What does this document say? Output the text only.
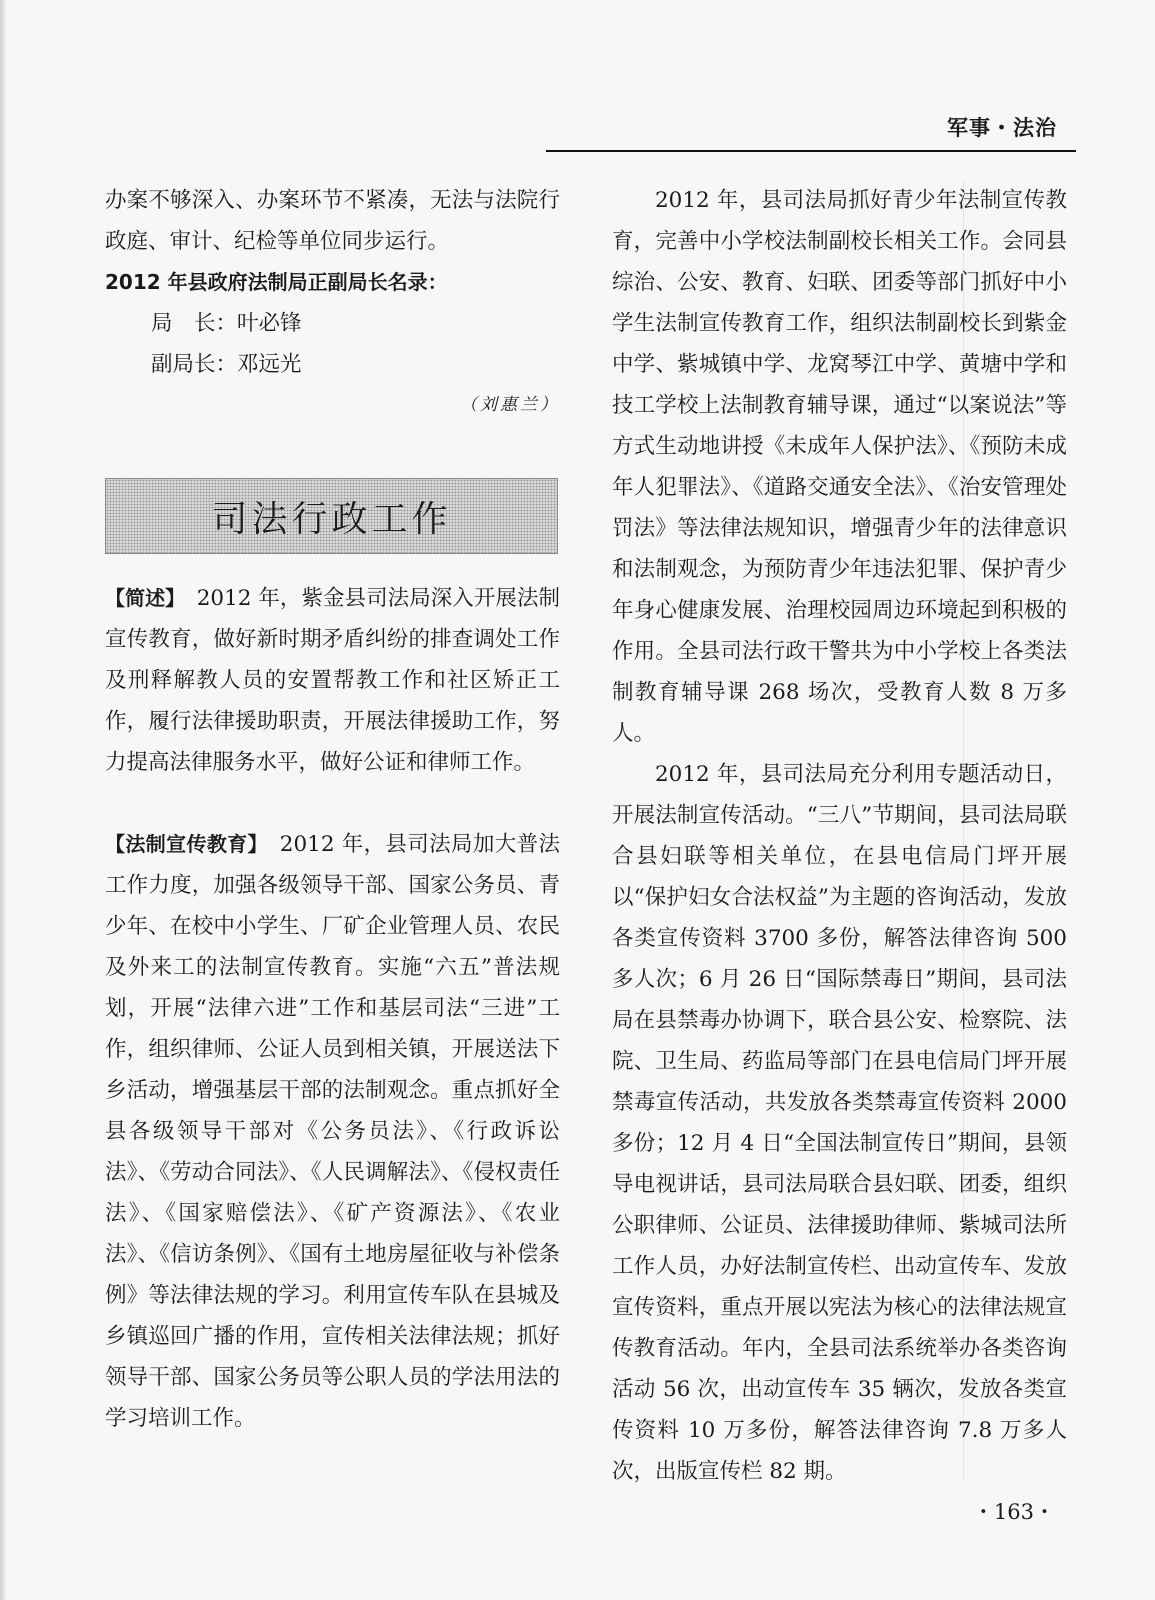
军事・法治

办案不够深入、办案环节不紧凑，无法与法院行政庭、审计、纪检等单位同步运行。

2012 年县政府法制局正副局长名录：

局　长：叶必锋

副局长：邓远光

（刘惠兰）

司法行政工作

【简述】　2012 年，紫金县司法局深入开展法制宣传教育，做好新时期矛盾纠纷的排查调处工作及刑释解教人员的安置帮教工作和社区矫正工作，履行法律援助职责，开展法律援助工作，努力提高法律服务水平，做好公证和律师工作。

【法制宣传教育】　2012 年，县司法局加大普法工作力度，加强各级领导干部、国家公务员、青少年、在校中小学生、厂矿企业管理人员、农民及外来工的法制宣传教育。实施“六五”普法规划，开展“法律六进”工作和基层司法“三进”工作，组织律师、公证人员到相关镇，开展送法下乡活动，增强基层干部的法制观念。重点抓好全县各级领导干部对《公务员法》、《行政诉讼法》、《劳动合同法》、《人民调解法》、《侵权责任法》、《国家赔偿法》、《矿产资源法》、《农业法》、《信访条例》、《国有土地房屋征收与补偿条例》等法律法规的学习。利用宣传车队在县城及乡镇巡回广播的作用，宣传相关法律法规；抓好领导干部、国家公务员等公职人员的学法用法的学习培训工作。

2012 年，县司法局抓好青少年法制宣传教育，完善中小学校法制副校长相关工作。会同县综治、公安、教育、妇联、团委等部门抓好中小学生法制宣传教育工作，组织法制副校长到紫金中学、紫城镇中学、龙窝琴江中学、黄塘中学和技工学校上法制教育辅导课，通过“以案说法”等方式生动地讲授《未成年人保护法》、《预防未成年人犯罪法》、《道路交通安全法》、《治安管理处罚法》等法律法规知识，增强青少年的法律意识和法制观念，为预防青少年违法犯罪、保护青少年身心健康发展、治理校园周边环境起到积极的作用。全县司法行政干警共为中小学校上各类法制教育辅导课 268 场次，受教育人数 8 万多人。

2012 年，县司法局充分利用专题活动日，开展法制宣传活动。“三八”节期间，县司法局联合县妇联等相关单位，在县电信局门坪开展以“保护妇女合法权益”为主题的咨询活动，发放各类宣传资料 3700 多份，解答法律咨询 500 多人次；6 月 26 日“国际禁毒日”期间，县司法局在县禁毒办协调下，联合县公安、检察院、法院、卫生局、药监局等部门在县电信局门坪开展禁毒宣传活动，共发放各类禁毒宣传资料 2000 多份；12 月 4 日“全国法制宣传日”期间，县领导电视讲话，县司法局联合县妇联、团委，组织公职律师、公证员、法律援助律师、紫城司法所工作人员，办好法制宣传栏、出动宣传车、发放宣传资料，重点开展以宪法为核心的法律法规宣传教育活动。年内，全县司法系统举办各类咨询活动 56 次，出动宣传车 35 辆次，发放各类宣传资料 10 万多份，解答法律咨询 7.8 万多人次，出版宣传栏 82 期。

・163・
